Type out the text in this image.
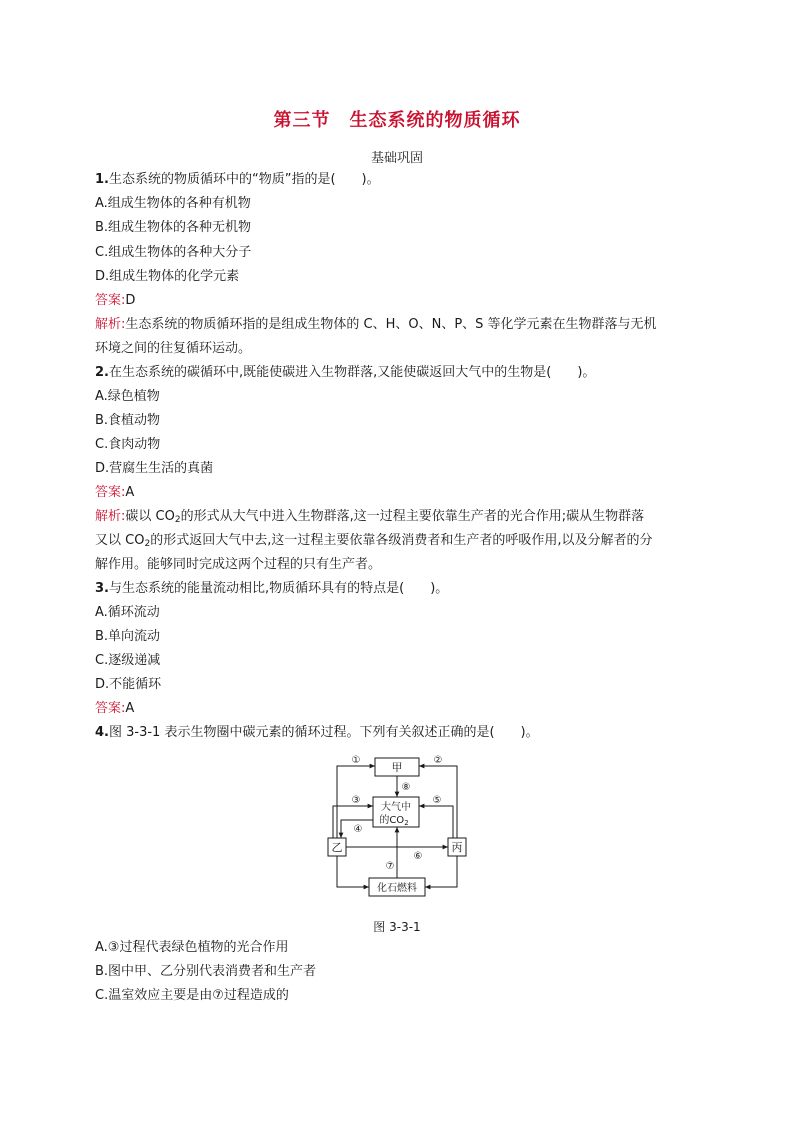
第三节　生态系统的物质循环
基础巩固
1.生态系统的物质循环中的“物质”指的是(　　)。
A.组成生物体的各种有机物
B.组成生物体的各种无机物
C.组成生物体的各种大分子
D.组成生物体的化学元素
答案:D
解析:生态系统的物质循环指的是组成生物体的 C、H、O、N、P、S 等化学元素在生物群落与无机
环境之间的往复循环运动。
2.在生态系统的碳循环中,既能使碳进入生物群落,又能使碳返回大气中的生物是(　　)。
A.绿色植物
B.食植动物
C.食肉动物
D.营腐生生活的真菌
答案:A
解析:碳以 $CO_2$的形式从大气中进入生物群落,这一过程主要依靠生产者的光合作用;碳从生物群落
又以 $CO_2$的形式返回大气中去,这一过程主要依靠各级消费者和生产者的呼吸作用,以及分解者的分
解作用。能够同时完成这两个过程的只有生产者。
3.与生态系统的能量流动相比,物质循环具有的特点是(　　)。
A.循环流动
B.单向流动
C.逐级递减
D.不能循环
答案:A
4.图 3-3-1 表示生物圈中碳元素的循环过程。下列有关叙述正确的是(　　)。
甲
大气中
的$CO_2$
乙	丙
化石燃料
①	②
③
④
⑤
⑥
⑦
⑧
图 3-3-1
A.③过程代表绿色植物的光合作用
B.图中甲、乙分别代表消费者和生产者
C.温室效应主要是由⑦过程造成的
